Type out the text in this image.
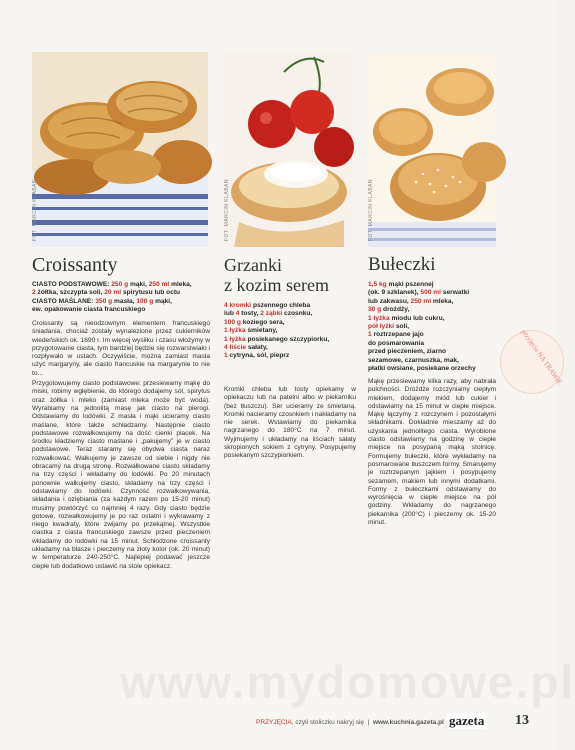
FOT. MARCIN KLABAN	FOT. MARCIN KLABAN	FOT. MARCIN KLABAN
Croissanty
CIASTO PODSTAWOWE: 250 g mąki, 250 ml mleka,
2 żółtka, szczypta soli, 20 ml spirytusu lub octu
CIASTO MAŚLANE: 350 g masła, 100 g mąki,
ew. opakowanie ciasta francuskiego

Croissanty są nieodzownym elementem francuskiego śniadania, chociaż zostały wynalezione przez cukierników wiedeńskich ok. 1690 r. Im więcej wysiłku i czasu włożymy w przygotowanie ciasta, tym bardziej będzie się rozwarstwiało i rozpływało w ustach. Oczywiście, można zamiast masła użyć margaryny, ale ciasto francuskie na margarynie to nie to...

Przygotowujemy ciasto podstawowe: przesiewamy mąkę do miski, robimy wgłębienie, do którego dodajemy sól, spirytus oraz żółtka i mleko (zamiast mleka może być woda). Wyrabiamy na jednolitą masę jak ciasto na pierogi. Odstawiamy do lodówki. Z masła i mąki ucieramy ciasto maślane, które także schładzamy. Następnie ciasto podstawowe rozwałkowujemy na dość cienki placek. Na środku kładziemy ciasto maślane i „pakujemy” je w ciasto podstawowe. Teraz staramy się obydwa ciasta naraz rozwałkować. Wałkujemy je zawsze od siebie i nigdy nie obracamy na drugą stronę. Rozwałkowane ciasto składamy na trzy części i wkładamy do lodówki. Po 20 minutach ponownie wałkujemy ciasto, składamy na trzy części i odstawiamy do lodówki. Czynność rozwałkowywania, składania i oziębiania (za każdym razem po 15-20 minut) musimy powtórzyć co najmniej 4 razy. Gdy ciasto będzie gotowe, rozwałkowujemy je po raz ostatni i wykrawamy z niego kwadraty, które zwijamy po przekątnej. Wszystkie ciastka z ciasta francuskiego zawsze przed pieczeniem wkładamy do lodówki na 15 minut. Schłodzone croissanty układamy na blasze i pieczemy na złoty kolor (ok. 20 minut) w temperaturze 240-250°C. Najlepiej podawać jeszcze ciepłe lub dodatkowo ustawić na stole opiekacz.

Grzanki
z kozim serem
4 kromki pszennego chleba
lub 4 tosty, 2 ząbki czosnku,
100 g koziego sera,
1 łyżka śmietany,
1 łyżka posiekanego szczypiorku,
4 liście sałaty,
1 cytryna, sól, pieprz

Kromki chleba lub tosty opiekamy w opiekaczu lub na patelni albo w piekarniku (bez tłuszczu). Ser ucieramy ze śmietaną. Kromki nacieramy czosnkiem i nakładamy na nie serek. Wstawiamy do piekarnika nagrzanego do 180°C na 7 minut. Wyjmujemy i układamy na liściach sałaty skropionych sokiem z cytryny. Posypujemy posiekanym szczypiorkiem.

Bułeczki
1,5 kg mąki pszennej
(ok. 9 szklanek), 500 ml serwatki
lub zakwasu, 250 ml mleka,
30 g drożdży,
1 łyżka miodu lub cukru,
pół łyżki soli,
1 roztrzepane jajo
do posmarowania
przed pieczeniem, ziarno
sezamowe, czarnuszka, mak,
płatki owsiane, posiekane orzechy

Mąkę przesiewamy kilka razy, aby nabrała pulchności. Drożdże rozczyniamy ciepłym mlekiem, dodajemy miód lub cukier i odstawiamy na 15 minut w ciepłe miejsce. Mąkę łączymy z rozczynem i pozostałymi składnikami. Dokładnie mieszamy aż do uzyskania jednolitego ciasta. Wyrobione ciasto odstawiamy na godzinę w ciepłe miejsce na posypaną mąką stolnicę. Formujemy bułeczki, które wykładamy na posmarowane tłuszczem formy. Smarujemy je roztrzepanym jajkiem i posypujemy sezamem, makiem lub innymi dodatkami. Formy z bułeczkami odstawiamy do wyrośnięcia w ciepłe miejsce na pół godziny. Wkładamy do nagrzanego piekarnika (200°C) i pieczemy ok. 15-20 minut.

przyjęcia NA TRAWIE
www.mydomowe.pl
PRZYJĘCIA, czyli stoliczku nakryj się  |  www.kuchnia.gazeta.pl gazeta 13
